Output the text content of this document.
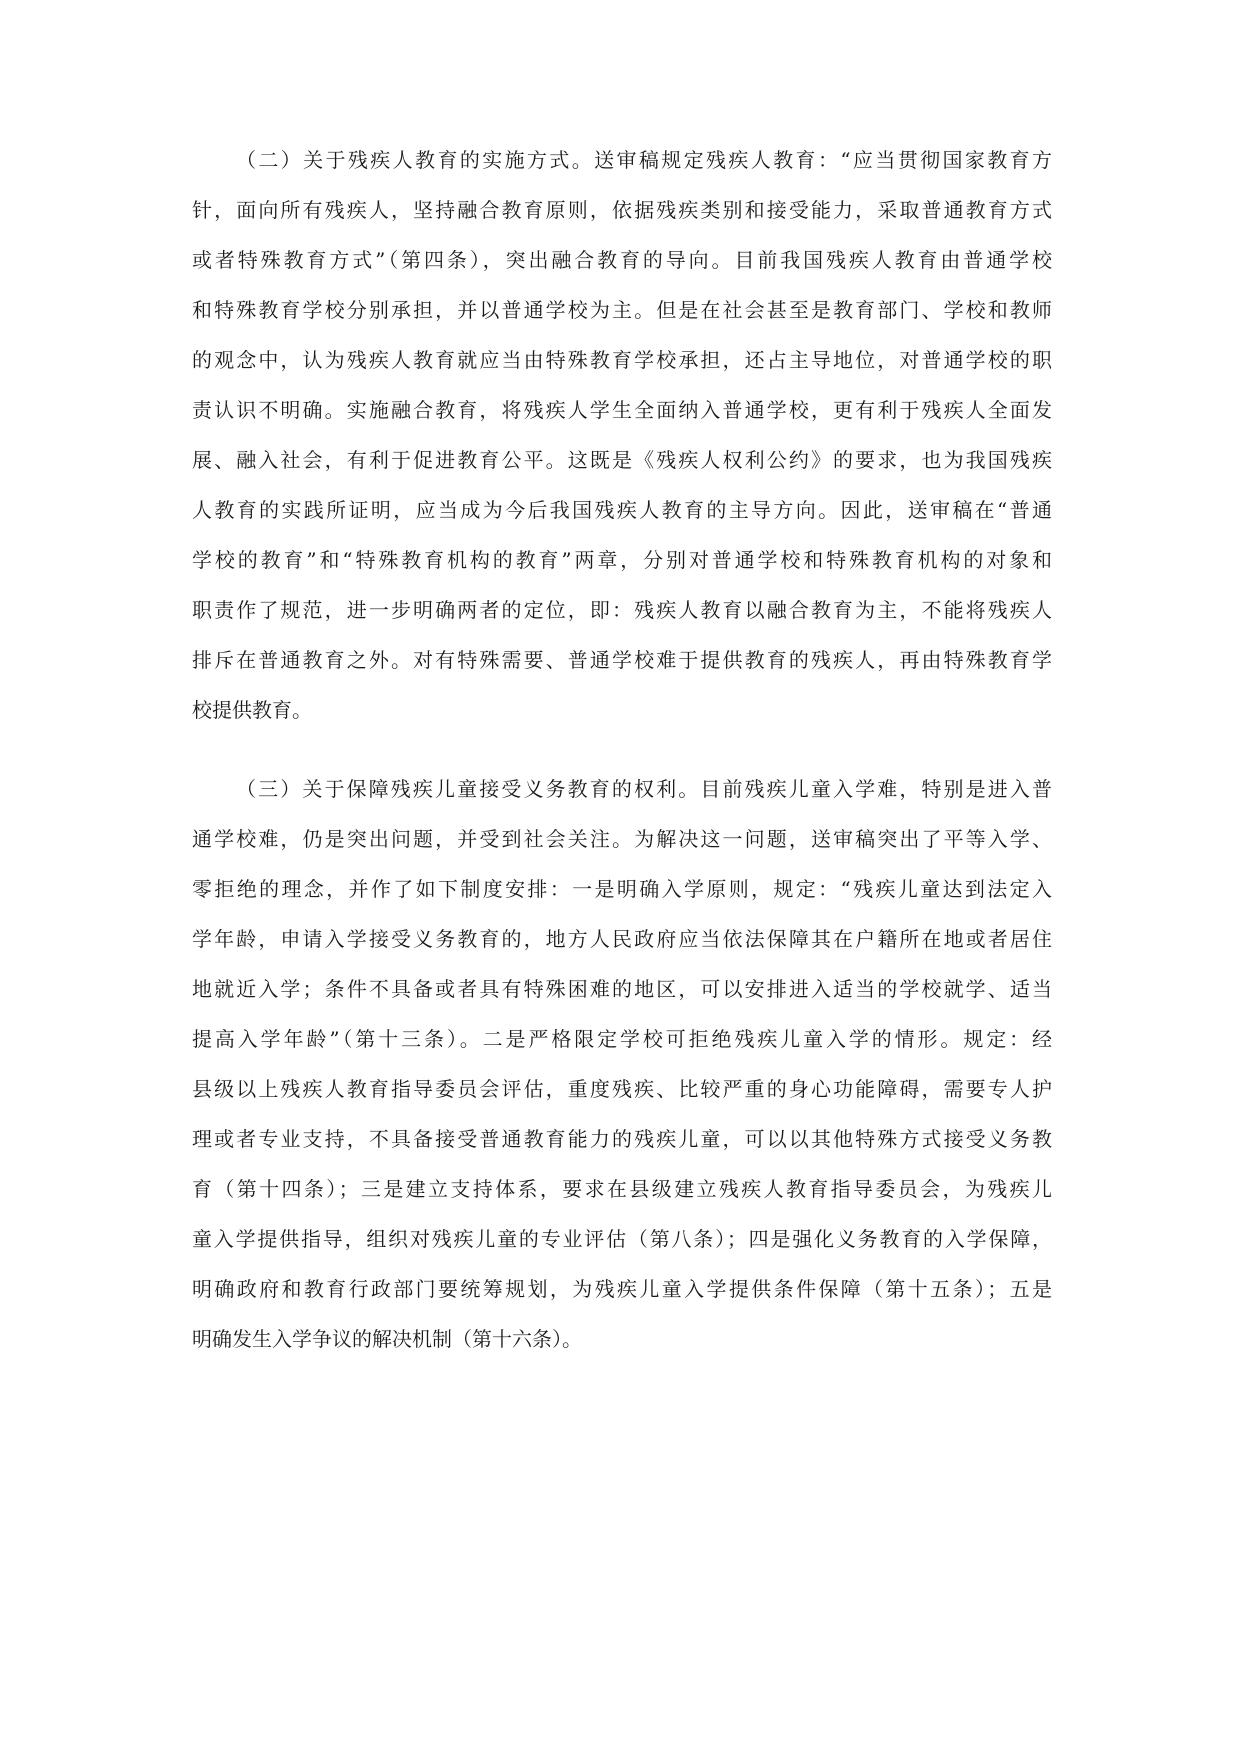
（二）关于残疾人教育的实施方式。送审稿规定残疾人教育：“应当贯彻国家教育方
针，面向所有残疾人，坚持融合教育原则，依据残疾类别和接受能力，采取普通教育方式
或者特殊教育方式”（第四条），突出融合教育的导向。目前我国残疾人教育由普通学校
和特殊教育学校分别承担，并以普通学校为主。但是在社会甚至是教育部门、学校和教师
的观念中，认为残疾人教育就应当由特殊教育学校承担，还占主导地位，对普通学校的职
责认识不明确。实施融合教育，将残疾人学生全面纳入普通学校，更有利于残疾人全面发
展、融入社会，有利于促进教育公平。这既是《残疾人权利公约》的要求，也为我国残疾
人教育的实践所证明，应当成为今后我国残疾人教育的主导方向。因此，送审稿在“普通
学校的教育”和“特殊教育机构的教育”两章，分别对普通学校和特殊教育机构的对象和
职责作了规范，进一步明确两者的定位，即：残疾人教育以融合教育为主，不能将残疾人
排斥在普通教育之外。对有特殊需要、普通学校难于提供教育的残疾人，再由特殊教育学
校提供教育。
（三）关于保障残疾儿童接受义务教育的权利。目前残疾儿童入学难，特别是进入普
通学校难，仍是突出问题，并受到社会关注。为解决这一问题，送审稿突出了平等入学、
零拒绝的理念，并作了如下制度安排：一是明确入学原则，规定：“残疾儿童达到法定入
学年龄，申请入学接受义务教育的，地方人民政府应当依法保障其在户籍所在地或者居住
地就近入学；条件不具备或者具有特殊困难的地区，可以安排进入适当的学校就学、适当
提高入学年龄”（第十三条）。二是严格限定学校可拒绝残疾儿童入学的情形。规定：经
县级以上残疾人教育指导委员会评估，重度残疾、比较严重的身心功能障碍，需要专人护
理或者专业支持，不具备接受普通教育能力的残疾儿童，可以以其他特殊方式接受义务教
育（第十四条）；三是建立支持体系，要求在县级建立残疾人教育指导委员会，为残疾儿
童入学提供指导，组织对残疾儿童的专业评估（第八条）；四是强化义务教育的入学保障，
明确政府和教育行政部门要统筹规划，为残疾儿童入学提供条件保障（第十五条）；五是
明确发生入学争议的解决机制（第十六条）。
